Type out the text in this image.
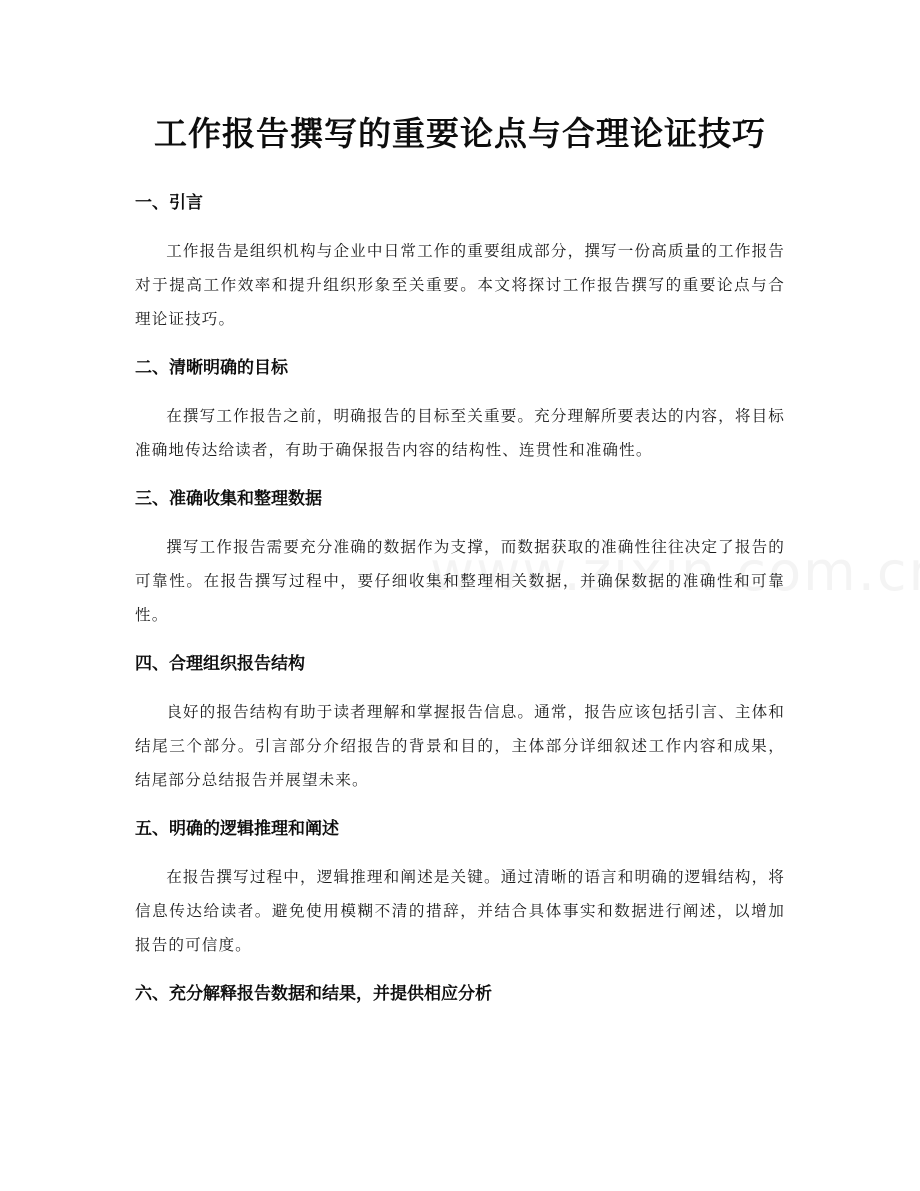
工作报告撰写的重要论点与合理论证技巧
一、引言

工作报告是组织机构与企业中日常工作的重要组成部分，撰写一份高质量的工作报告对于提高工作效率和提升组织形象至关重要。本文将探讨工作报告撰写的重要论点与合理论证技巧。

二、清晰明确的目标

在撰写工作报告之前，明确报告的目标至关重要。充分理解所要表达的内容，将目标准确地传达给读者，有助于确保报告内容的结构性、连贯性和准确性。

三、准确收集和整理数据

撰写工作报告需要充分准确的数据作为支撑，而数据获取的准确性往往决定了报告的可靠性。在报告撰写过程中，要仔细收集和整理相关数据，并确保数据的准确性和可靠性。

四、合理组织报告结构

良好的报告结构有助于读者理解和掌握报告信息。通常，报告应该包括引言、主体和结尾三个部分。引言部分介绍报告的背景和目的，主体部分详细叙述工作内容和成果，结尾部分总结报告并展望未来。

五、明确的逻辑推理和阐述

在报告撰写过程中，逻辑推理和阐述是关键。通过清晰的语言和明确的逻辑结构，将信息传达给读者。避免使用模糊不清的措辞，并结合具体事实和数据进行阐述，以增加报告的可信度。

六、充分解释报告数据和结果，并提供相应分析
